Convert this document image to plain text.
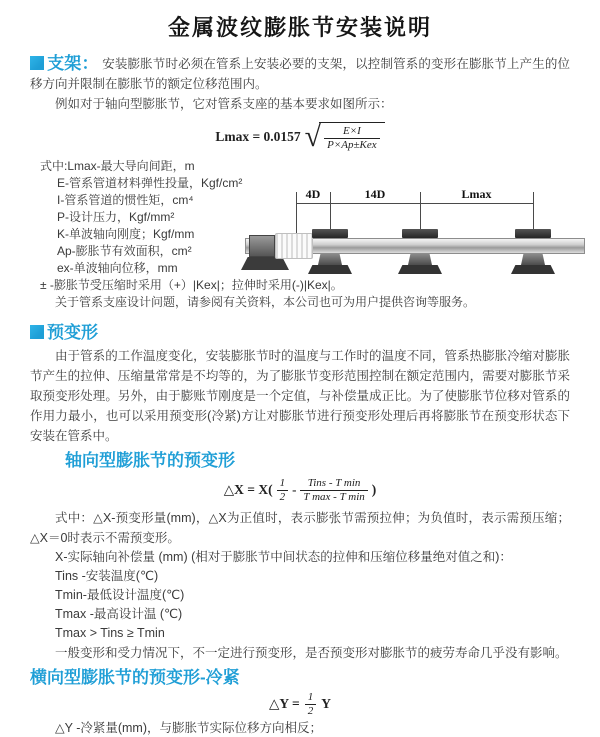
金属波纹膨胀节安装说明

支架： 安装膨胀节时必须在管系上安装必要的支架，以控制管系的变形在膨胀节上产生的位移方向并限制在膨胀节的额定位移范围内。

例如对于轴向型膨胀节，它对管系支座的基本要求如图所示：

Lmax = 0.0157 √ $\frac{E\times I}{\text{P×Ap±Kex}}$
式中:Lmax-最大导向间距，m
E-管系管道材料弹性投量，Kgf/cm²
I-管系管道的惯性矩，cm⁴
P-设计压力，Kgf/mm²
K-单波轴向刚度；Kgf/mm
Ap-膨胀节有效面积，cm²
ex-单波轴向位移，mm
± -膨胀节受压缩时采用（+）|Kex|；拉伸时采用(-)|Kex|。
关于管系支座设计问题，请参阅有关资料，本公司也可为用户提供咨询等服务。
4D	14D	Lmax
预变形

由于管系的工作温度变化，安装膨胀节时的温度与工作时的温度不同，管系热膨胀冷缩对膨胀节产生的拉伸、压缩量常常是不均等的，为了膨胀节变形范围控制在额定范围内，需要对膨胀节采取预变形处理。另外，由于膨账节刚度是一个定值，与补偿量成正比。为了使膨胀节位移对管系的作用力最小，也可以采用预变形(冷紧)方让对膨胀节进行预变形处理后再将膨胀节在预变形状态下安装在管系中。

轴向型膨胀节的预变形
△X = $X( \frac{1}{2} - \frac{\text{Tins - T min}}{\text{T max - T min}}$ )

式中：△X-预变形量(mm)，△X为正值时，表示膨张节需预拉伸；为负值时，表示需预压缩；△X＝0时表示不需预变形。

X-实际轴向补偿量 (mm) (相对于膨胀节中间状态的拉伸和压缩位移量绝对值之和)：
Tins -安装温度(℃)
Tmin-最低设计温度(℃)
Tmax -最高设计温 (℃)
Tmax > Tins ≥ Tmin

一般变形和受力情况下，不一定进行预变形，是否预变形对膨胀节的疲劳寿命几乎没有影响。

横向型膨胀节的预变形-冷紧
△Y = $\frac{1}{2}$ Y
△Y -冷紧量(mm)，与膨胀节实际位移方向相反；
